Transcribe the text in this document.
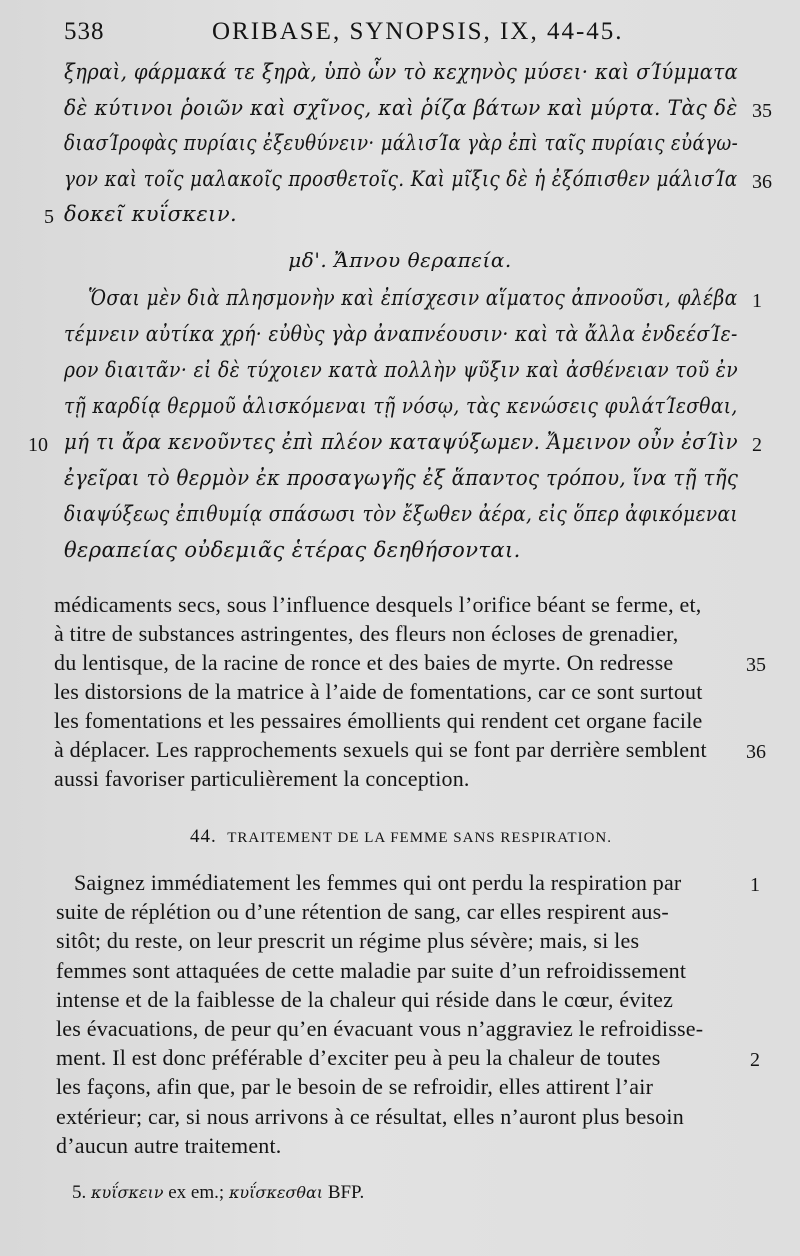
538	ORIBASE, SYNOPSIS, IX, 44-45.
ξηραὶ, φάρμακά τε ξηρὰ, ὑπὸ ὧν τὸ κεχηνὸς μύσει· καὶ σΊύμματα
δὲ κύτινοι ῥοιῶν καὶ σχῖνος, καὶ ῥίζα βάτων καὶ μύρτα. Τὰς δὲ
διασΊροφὰς πυρίαις ἐξευθύνειν· μάλισΊα γὰρ ἐπὶ ταῖς πυρίαις εὐάγω-
γον καὶ τοῖς μαλακοῖς προσθετοῖς. Καὶ μῖξις δὲ ἡ ἐξόπισθεν μάλισΊα
δοκεῖ κυΐσκειν.
5
35
36
μδ'. Ἄπνου θεραπεία.
Ὅσαι μὲν διὰ πλησμονὴν καὶ ἐπίσχεσιν αἵματος ἀπνοοῦσι, φλέβα
τέμνειν αὐτίκα χρή· εὐθὺς γὰρ ἀναπνέουσιν· καὶ τὰ ἄλλα ἐνδεέσΊε-
ρον διαιτᾶν· εἰ δὲ τύχοιεν κατὰ πολλὴν ψῦξιν καὶ ἀσθένειαν τοῦ ἐν
τῇ καρδίᾳ θερμοῦ ἁλισκόμεναι τῇ νόσῳ, τὰς κενώσεις φυλάτΊεσθαι,
μή τι ἄρα κενοῦντες ἐπὶ πλέον καταψύξωμεν. Ἄμεινον οὖν ἐσΊὶν
ἐγεῖραι τὸ θερμὸν ἐκ προσαγωγῆς ἐξ ἅπαντος τρόπου, ἵνα τῇ τῆς
διαψύξεως ἐπιθυμίᾳ σπάσωσι τὸν ἔξωθεν ἀέρα, εἰς ὅπερ ἀφικόμεναι
θεραπείας οὐδεμιᾶς ἑτέρας δεηθήσονται.
10
1
2
médicaments secs, sous l’influence desquels l’orifice béant se ferme, et,
à titre de substances astringentes, des fleurs non écloses de grenadier,
du lentisque, de la racine de ronce et des baies de myrte. On redresse
les distorsions de la matrice à l’aide de fomentations, car ce sont surtout
les fomentations et les pessaires émollients qui rendent cet organe facile
à déplacer. Les rapprochements sexuels qui se font par derrière semblent
aussi favoriser particulièrement la conception.
35
36
44. TRAITEMENT DE LA FEMME SANS RESPIRATION.
Saignez immédiatement les femmes qui ont perdu la respiration par
suite de réplétion ou d’une rétention de sang, car elles respirent aus-
sitôt; du reste, on leur prescrit un régime plus sévère; mais, si les
femmes sont attaquées de cette maladie par suite d’un refroidissement
intense et de la faiblesse de la chaleur qui réside dans le cœur, évitez
les évacuations, de peur qu’en évacuant vous n’aggraviez le refroidisse-
ment. Il est donc préférable d’exciter peu à peu la chaleur de toutes
les façons, afin que, par le besoin de se refroidir, elles attirent l’air
extérieur; car, si nous arrivons à ce résultat, elles n’auront plus besoin
d’aucun autre traitement.
1
2
5. κυΐσκειν ex em.; κυΐσκεσθαι BFP.
